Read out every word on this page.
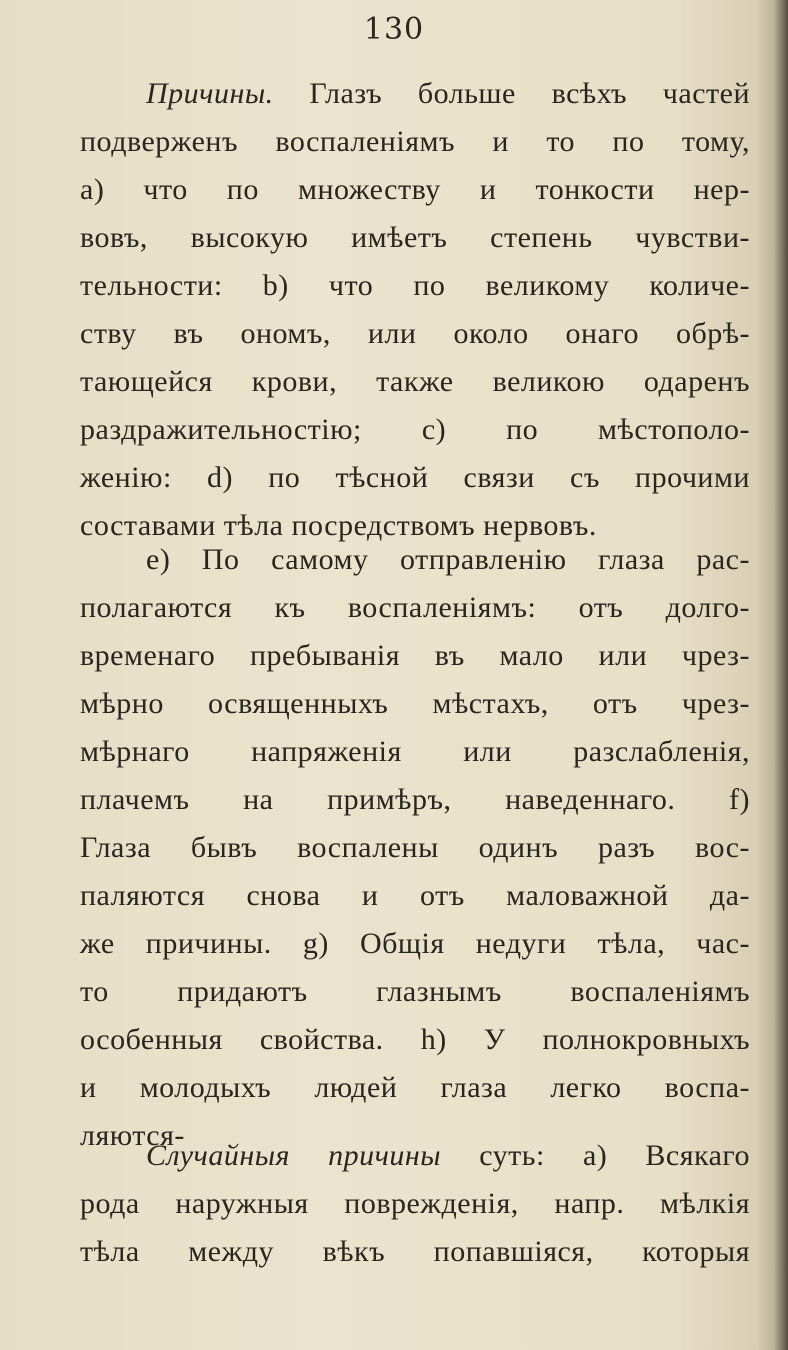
130
Причины. Глазъ больше всѣхъ частей
подверженъ воспаленіямъ и то по тому,
а) что по множеству и тонкости нер-
вовъ, высокую имѣетъ степень чувстви-
тельности: b) что по великому количе-
ству въ ономъ, или около онаго обрѣ-
тающейся крови, также великою одаренъ
раздражительностію; c) по мѣстополо-
женію: d) по тѣсной связи съ прочими
составами тѣла посредствомъ нервовъ.
е) По самому отправленію глаза рас-
полагаются къ воспаленіямъ: отъ долго-
временаго пребыванія въ мало или чрез-
мѣрно освященныхъ мѣстахъ, отъ чрез-
мѣрнаго напряженія или разслабленія,
плачемъ на примѣръ, наведеннаго. f)
Глаза бывъ воспалены одинъ разъ вос-
паляются снова и отъ маловажной да-
же причины. g) Общія недуги тѣла, час-
то придаютъ глазнымъ воспаленіямъ
особенныя свойства. h) У полнокровныхъ
и молодыхъ людей глаза легко воспа-
ляются-
Случайныя причины суть: а) Всякаго
рода наружныя поврежденія, напр. мѣлкія
тѣла между вѣкъ попавшіяся, которыя
